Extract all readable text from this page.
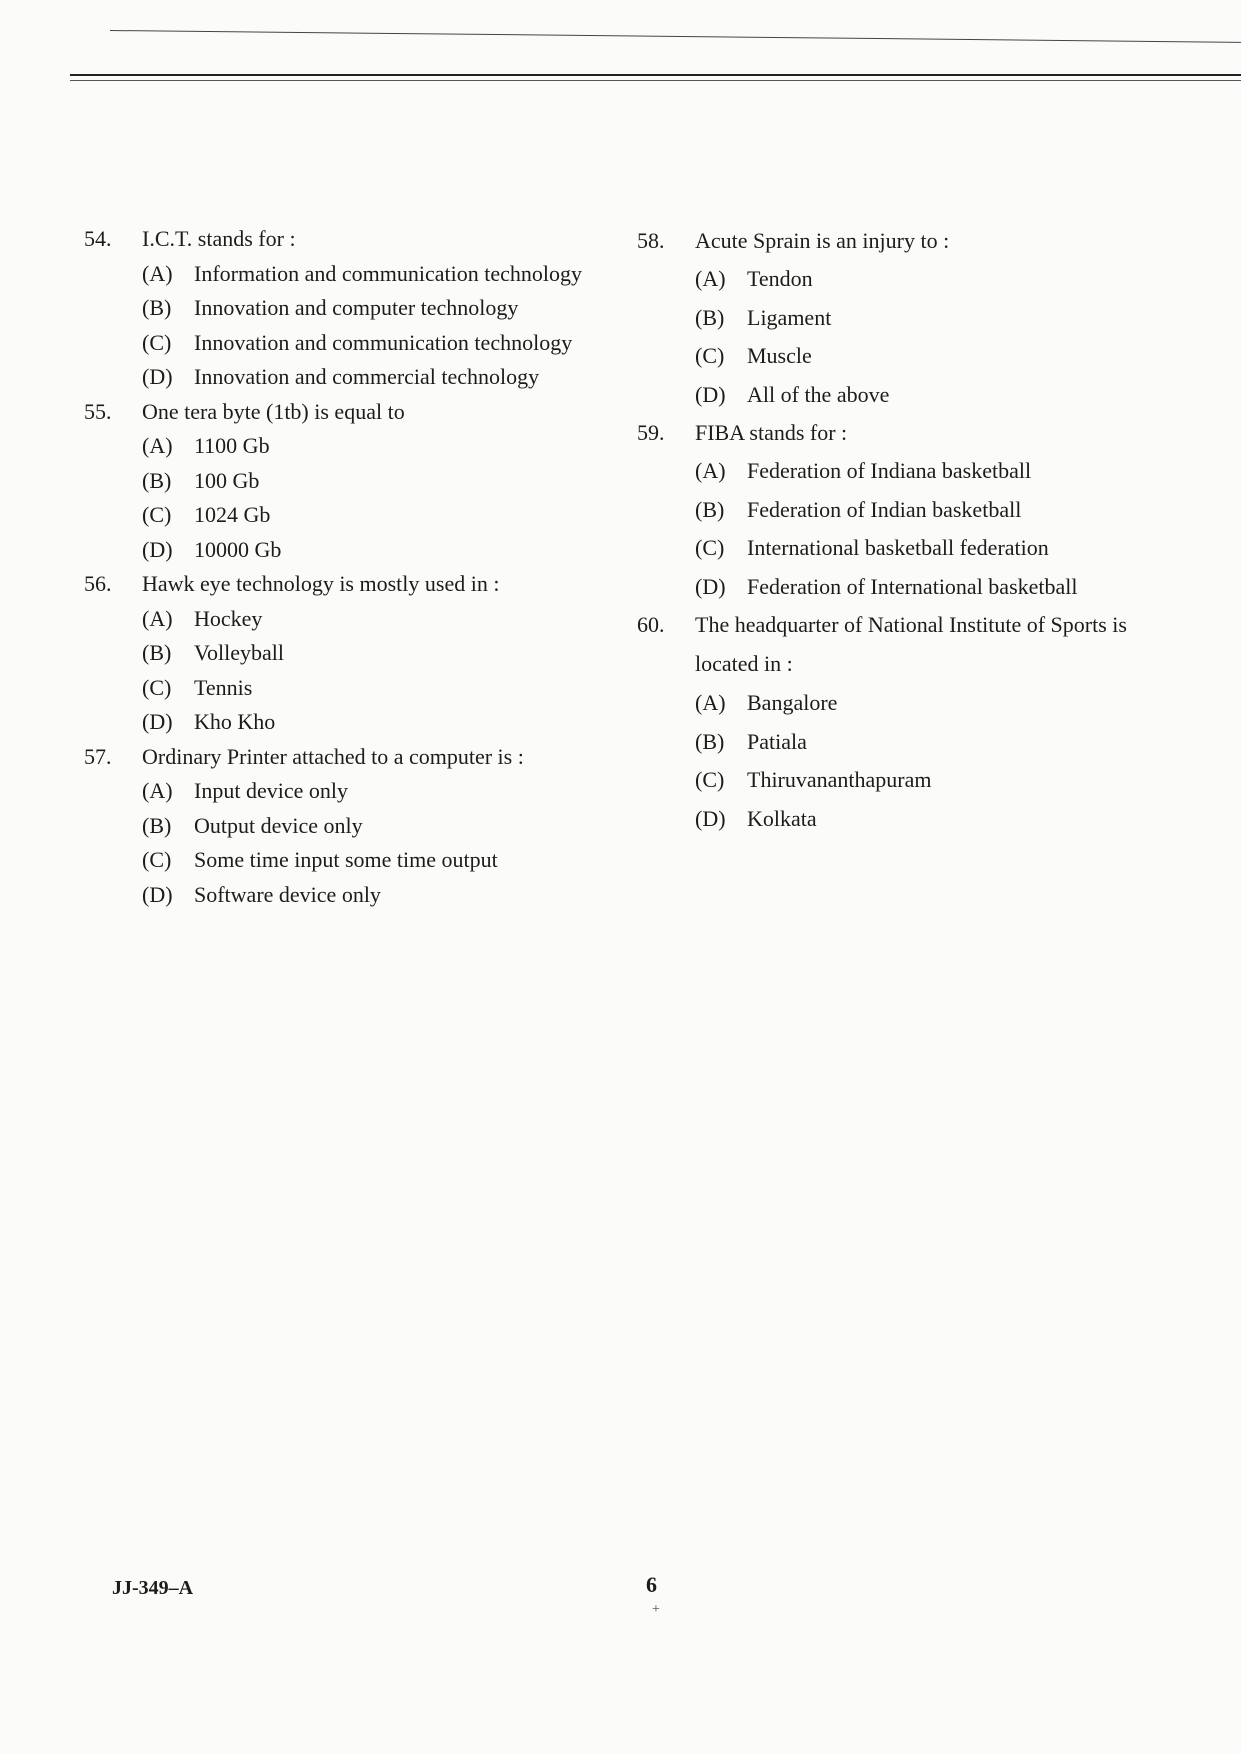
54.	I.C.T. stands for :
(A) Information and communication technology
(B)	Innovation and computer technology
(C)	Innovation and communication technology
(D) Innovation and commercial technology
55.	One tera byte (1tb) is equal to
(A) 1100 Gb
(B)	100 Gb
(C)	1024 Gb
(D) 10000 Gb
56.	Hawk eye technology is mostly used in :
(A) Hockey
(B)	Volleyball
(C)	Tennis
(D) Kho Kho
57.	Ordinary Printer attached to a computer is :
(A) Input device only
(B)	Output device only
(C)	Some time input some time output
(D) Software device only
58.	Acute Sprain is an injury to :
(A) Tendon
(B)	Ligament
(C)	Muscle
(D) All of the above
59.	FIBA stands for :
(A) Federation of Indiana basketball
(B)	Federation of Indian basketball
(C)	International basketball federation
(D) Federation of International basketball
60.	The headquarter of National Institute of Sports is
located in :
(A) Bangalore
(B)	Patiala
(C)	Thiruvananthapuram
(D) Kolkata
JJ-349–A	6
+
